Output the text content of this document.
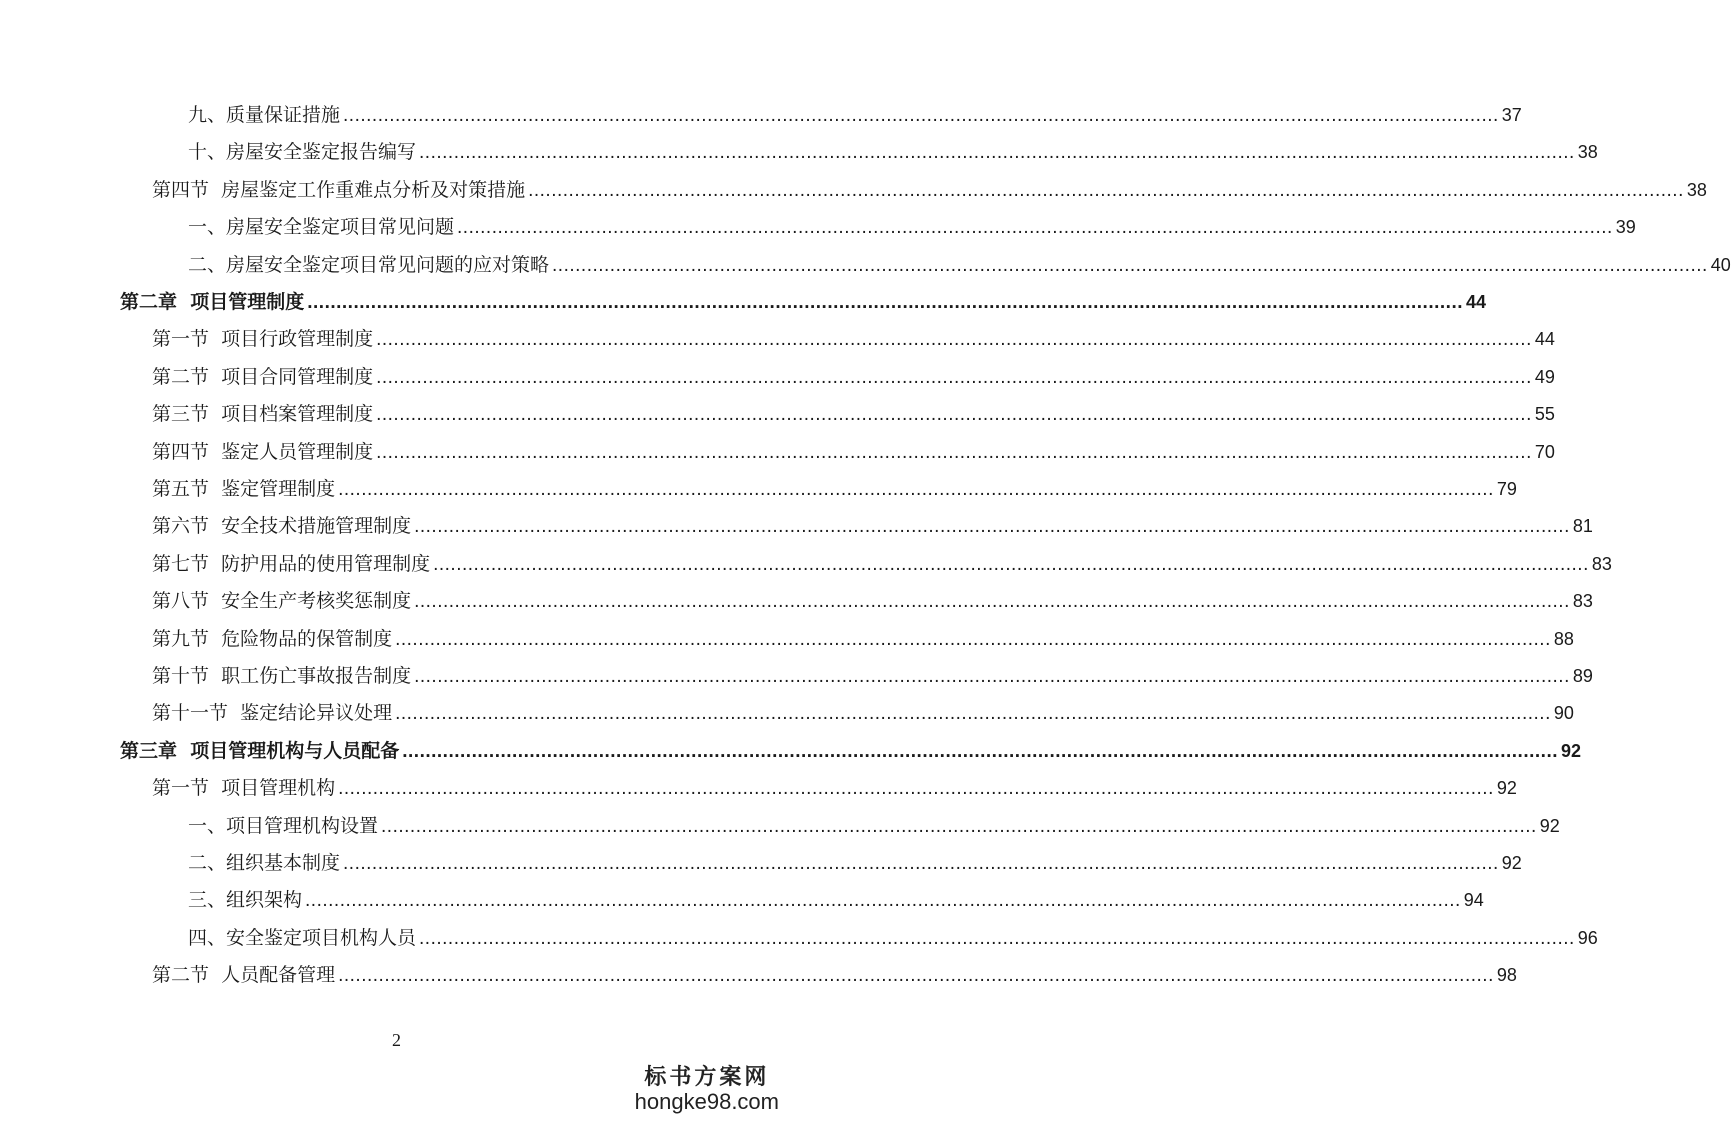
九、质量保证措施 ........................................................................................................................................................................................................ 37
十、房屋安全鉴定报告编写 ........................................................................................................................................................................................................ 38
第四节  房屋鉴定工作重难点分析及对策措施 ........................................................................................................................................................................................................ 38
一、房屋安全鉴定项目常见问题 ........................................................................................................................................................................................................ 39
二、房屋安全鉴定项目常见问题的应对策略 ........................................................................................................................................................................................................ 40
第二章  项目管理制度 ........................................................................................................................................................................................................ 44
第一节  项目行政管理制度 ........................................................................................................................................................................................................ 44
第二节  项目合同管理制度 ........................................................................................................................................................................................................ 49
第三节  项目档案管理制度 ........................................................................................................................................................................................................ 55
第四节  鉴定人员管理制度 ........................................................................................................................................................................................................ 70
第五节  鉴定管理制度 ........................................................................................................................................................................................................ 79
第六节  安全技术措施管理制度 ........................................................................................................................................................................................................ 81
第七节  防护用品的使用管理制度 ........................................................................................................................................................................................................ 83
第八节  安全生产考核奖惩制度 ........................................................................................................................................................................................................ 83
第九节  危险物品的保管制度 ........................................................................................................................................................................................................ 88
第十节  职工伤亡事故报告制度 ........................................................................................................................................................................................................ 89
第十一节  鉴定结论异议处理 ........................................................................................................................................................................................................ 90
第三章  项目管理机构与人员配备 ........................................................................................................................................................................................................ 92
第一节  项目管理机构 ........................................................................................................................................................................................................ 92
一、项目管理机构设置 ........................................................................................................................................................................................................ 92
二、组织基本制度 ........................................................................................................................................................................................................ 92
三、组织架构 ........................................................................................................................................................................................................ 94
四、安全鉴定项目机构人员 ........................................................................................................................................................................................................ 96
第二节  人员配备管理 ........................................................................................................................................................................................................ 98
2
标书方案网
hongke98.com
